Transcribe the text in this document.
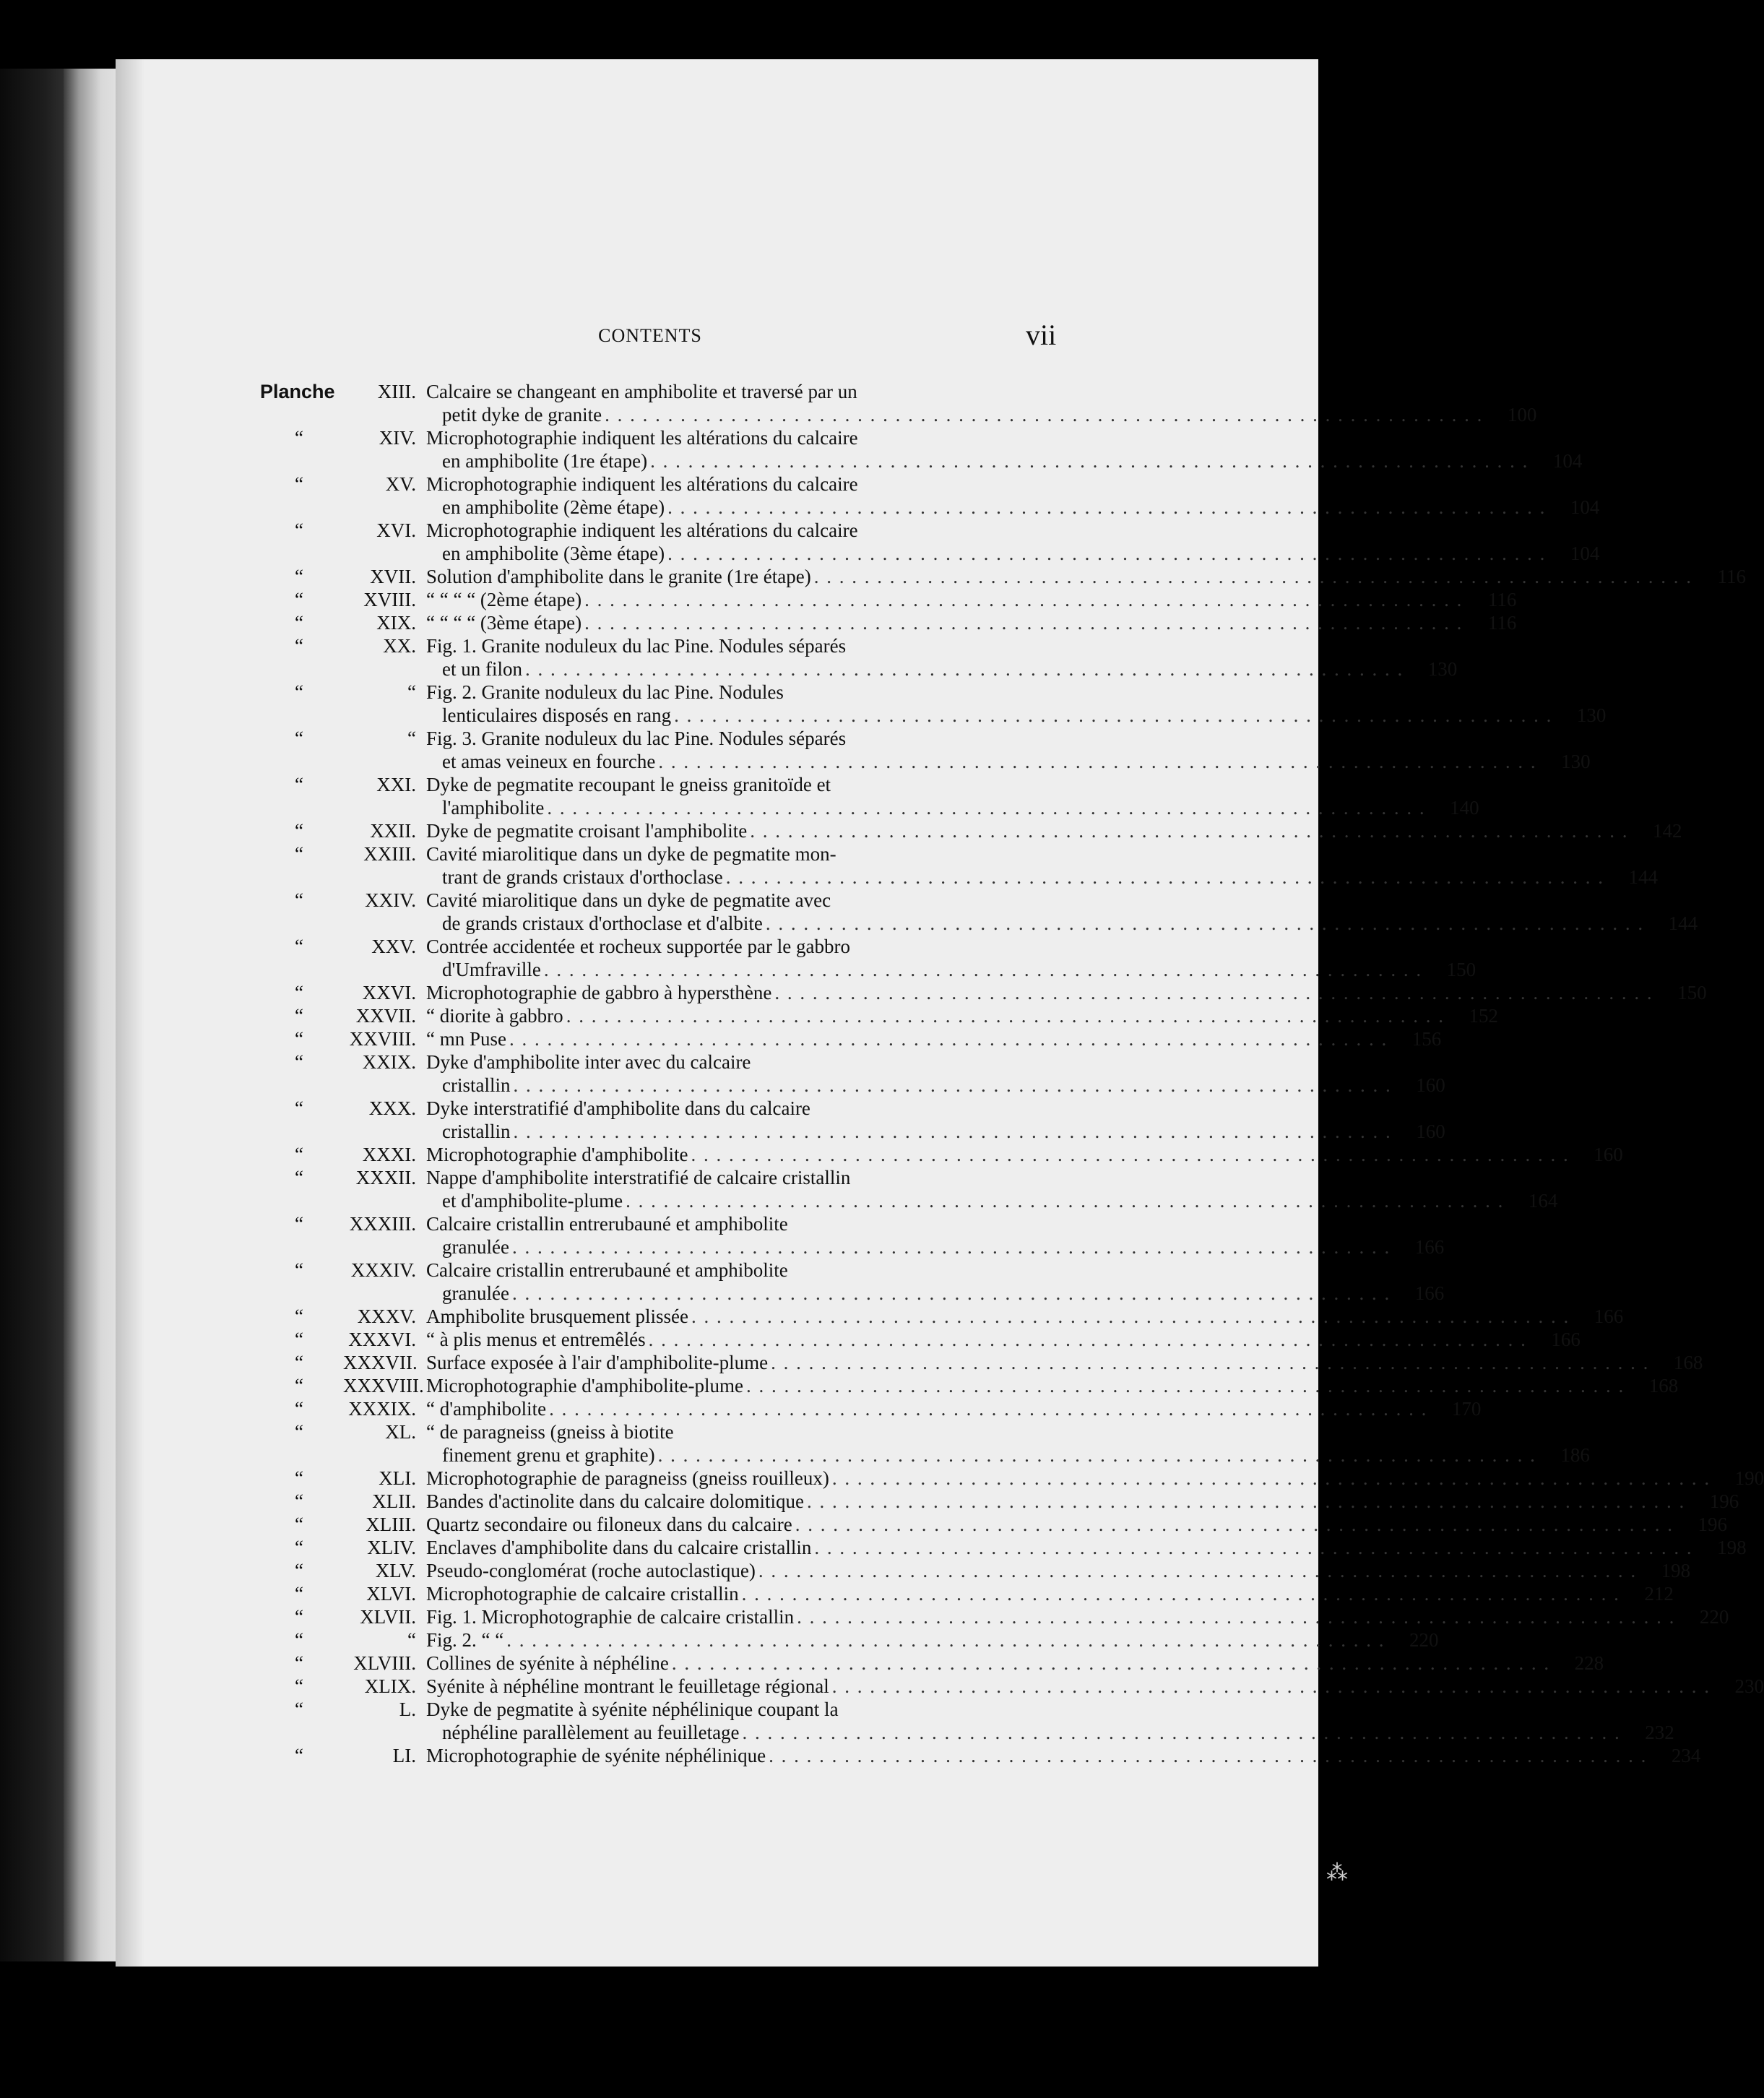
CONTENTS	vii
Planche	XIII. Calcaire se changeant en amphibolite et traversé par un
petit dyke de granite . . .	100
“	XIV. Microphotographie indiquent les altérations du calcaire
en amphibolite (1re étape) . . .	104
“	XV. Microphotographie indiquent les altérations du calcaire
en amphibolite (2ème étape) . . .	104
“	XVI. Microphotographie indiquent les altérations du calcaire
en amphibolite (3ème étape) . . .	104
“	XVII. Solution d'amphibolite dans le granite (1re étape) . . .	116
“	XVIII. “ “ “ “ (2ème étape) . . .	116
“	XIX. “ “ “ “ (3ème étape) . . .	116
“	XX. Fig. 1. Granite noduleux du lac Pine. Nodules séparés
et un filon . . .	130
“	“ Fig. 2. Granite noduleux du lac Pine. Nodules
lenticulaires disposés en rang . . .	130
“	“ Fig. 3. Granite noduleux du lac Pine. Nodules séparés
et amas veineux en fourche . . .	130
“	XXI. Dyke de pegmatite recoupant le gneiss granitoïde et
l'amphibolite . . .	140
“	XXII. Dyke de pegmatite croisant l'amphibolite . . .	142
“	XXIII. Cavité miarolitique dans un dyke de pegmatite mon-
trant de grands cristaux d'orthoclase . . .	144
“	XXIV. Cavité miarolitique dans un dyke de pegmatite avec
de grands cristaux d'orthoclase et d'albite . . .	144
“	XXV. Contrée accidentée et rocheux supportée par le gabbro
d'Umfraville . . .	150
“	XXVI. Microphotographie de gabbro à hypersthène . . .	150
“	XXVII. “ diorite à gabbro . . .	152
“	XXVIII. “ mn Puse . . .	156
“	XXIX. Dyke d'amphibolite inter avec du calcaire
cristallin . . .	160
“	XXX. Dyke interstratifié d'amphibolite dans du calcaire
cristallin . . .	160
“	XXXI. Microphotographie d'amphibolite . . .	160
“	XXXII. Nappe d'amphibolite interstratifié de calcaire cristallin
et d'amphibolite-plume . . .	164
“	XXXIII. Calcaire cristallin entrerubauné et amphibolite
granulée . . .	166
“	XXXIV. Calcaire cristallin entrerubauné et amphibolite
granulée . . .	166
“	XXXV. Amphibolite brusquement plissée . . .	166
“	XXXVI. “ à plis menus et entremêlés . . .	166
“	XXXVII. Surface exposée à l'air d'amphibolite-plume . . .	168
“	XXXVIII. Microphotographie d'amphibolite-plume . . .	168
“	XXXIX. “ d'amphibolite . . .	170
“	XL. “ de paragneiss (gneiss à biotite
finement grenu et graphite) . . .	186
“	XLI. Microphotographie de paragneiss (gneiss rouilleux) . . .	190
“	XLII. Bandes d'actinolite dans du calcaire dolomitique . . .	196
“	XLIII. Quartz secondaire ou filoneux dans du calcaire . . .	196
“	XLIV. Enclaves d'amphibolite dans du calcaire cristallin . . .	198
“	XLV. Pseudo-conglomérat (roche autoclastique) . . .	198
“	XLVI. Microphotographie de calcaire cristallin . . .	212
“	XLVII. Fig. 1. Microphotographie de calcaire cristallin . . .	220
“	“ Fig. 2. “ “ . . .	220
“	XLVIII. Collines de syénite à néphéline . . .	228
“	XLIX. Syénite à néphéline montrant le feuilletage régional . . .	230
“	L. Dyke de pegmatite à syénite néphélinique coupant la
néphéline parallèlement au feuilletage . . .	232
“	LI. Microphotographie de syénite néphélinique . . .	234
⁂
